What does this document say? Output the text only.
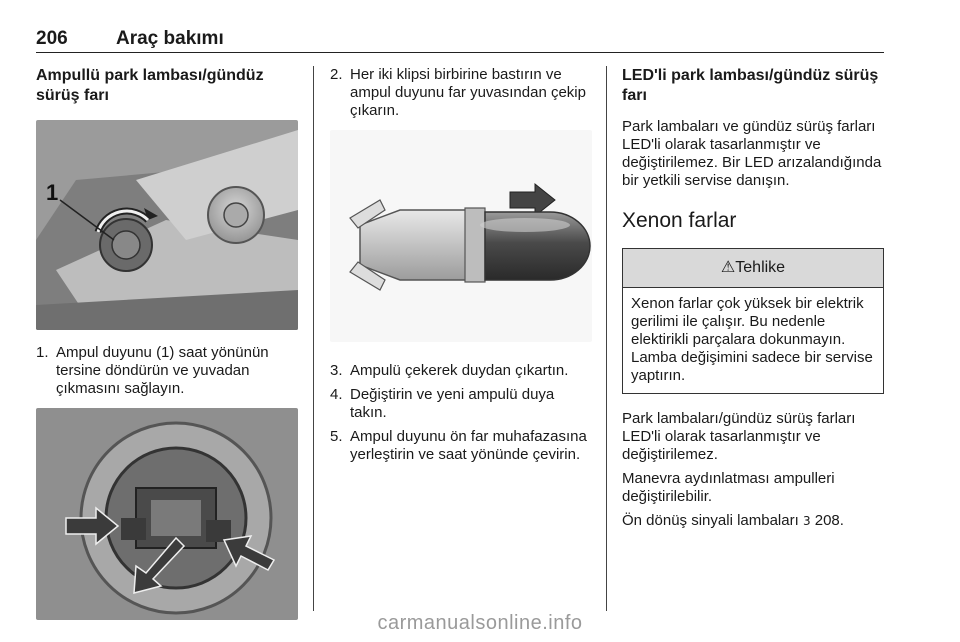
206	Araç bakımı
Ampullü park lambası/gündüz sürüş farı
1
1. Ampul duyunu (1) saat yönünün tersine döndürün ve yuvadan çıkmasını sağlayın.
2. Her iki klipsi birbirine bastırın ve ampul duyunu far yuvasından çekip çıkarın.
3. Ampulü çekerek duydan çıkartın.
4. Değiştirin ve yeni ampulü duya takın.
5. Ampul duyunu ön far muhafazasına yerleştirin ve saat yönünde çevirin.
LED'li park lambası/gündüz sürüş farı

Park lambaları ve gündüz sürüş farları LED'li olarak tasarlanmıştır ve değiştirilemez. Bir LED arızalandığında bir yetkili servise danışın.

Xenon farlar
⚠Tehlike
Xenon farlar çok yüksek bir elektrik gerilimi ile çalışır. Bu nedenle elektirikli parçalara dokunmayın. Lamba değişimini sadece bir servise yaptırın.

Park lambaları/gündüz sürüş farları LED'li olarak tasarlanmıştır ve değiştirilemez.

Manevra aydınlatması ampulleri değiştirilebilir.

Ön dönüş sinyali lambaları 3 208.

carmanualsonline.info
